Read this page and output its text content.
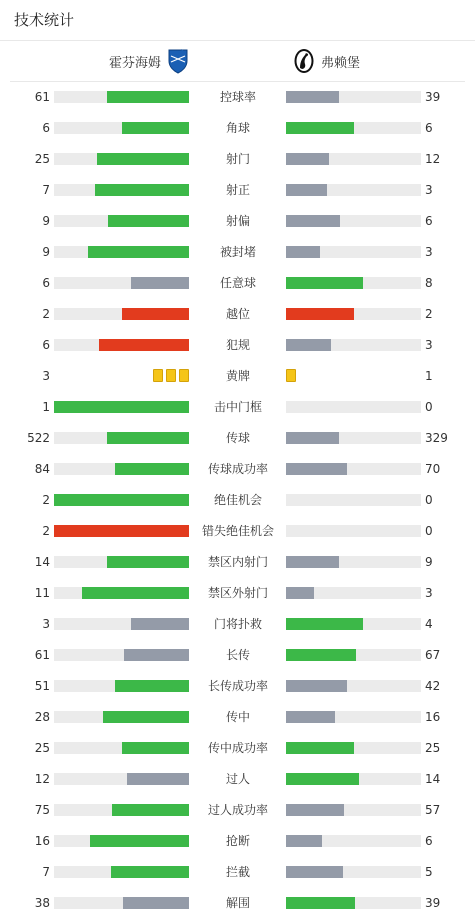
技术统计
霍芬海姆	弗赖堡
61	控球率	39
6	角球	6
25	射门	12
7	射正	3
9	射偏	6
9	被封堵	3
6	任意球	8
2	越位	2
6	犯规	3
3	黄牌	1
1	击中门框	0
522	传球	329
84	传球成功率	70
2	绝佳机会	0
2	错失绝佳机会	0
14	禁区内射门	9
11	禁区外射门	3
3	门将扑救	4
61	长传	67
51	长传成功率	42
28	传中	16
25	传中成功率	25
12	过人	14
75	过人成功率	57
16	抢断	6
7	拦截	5
38	解围	39
